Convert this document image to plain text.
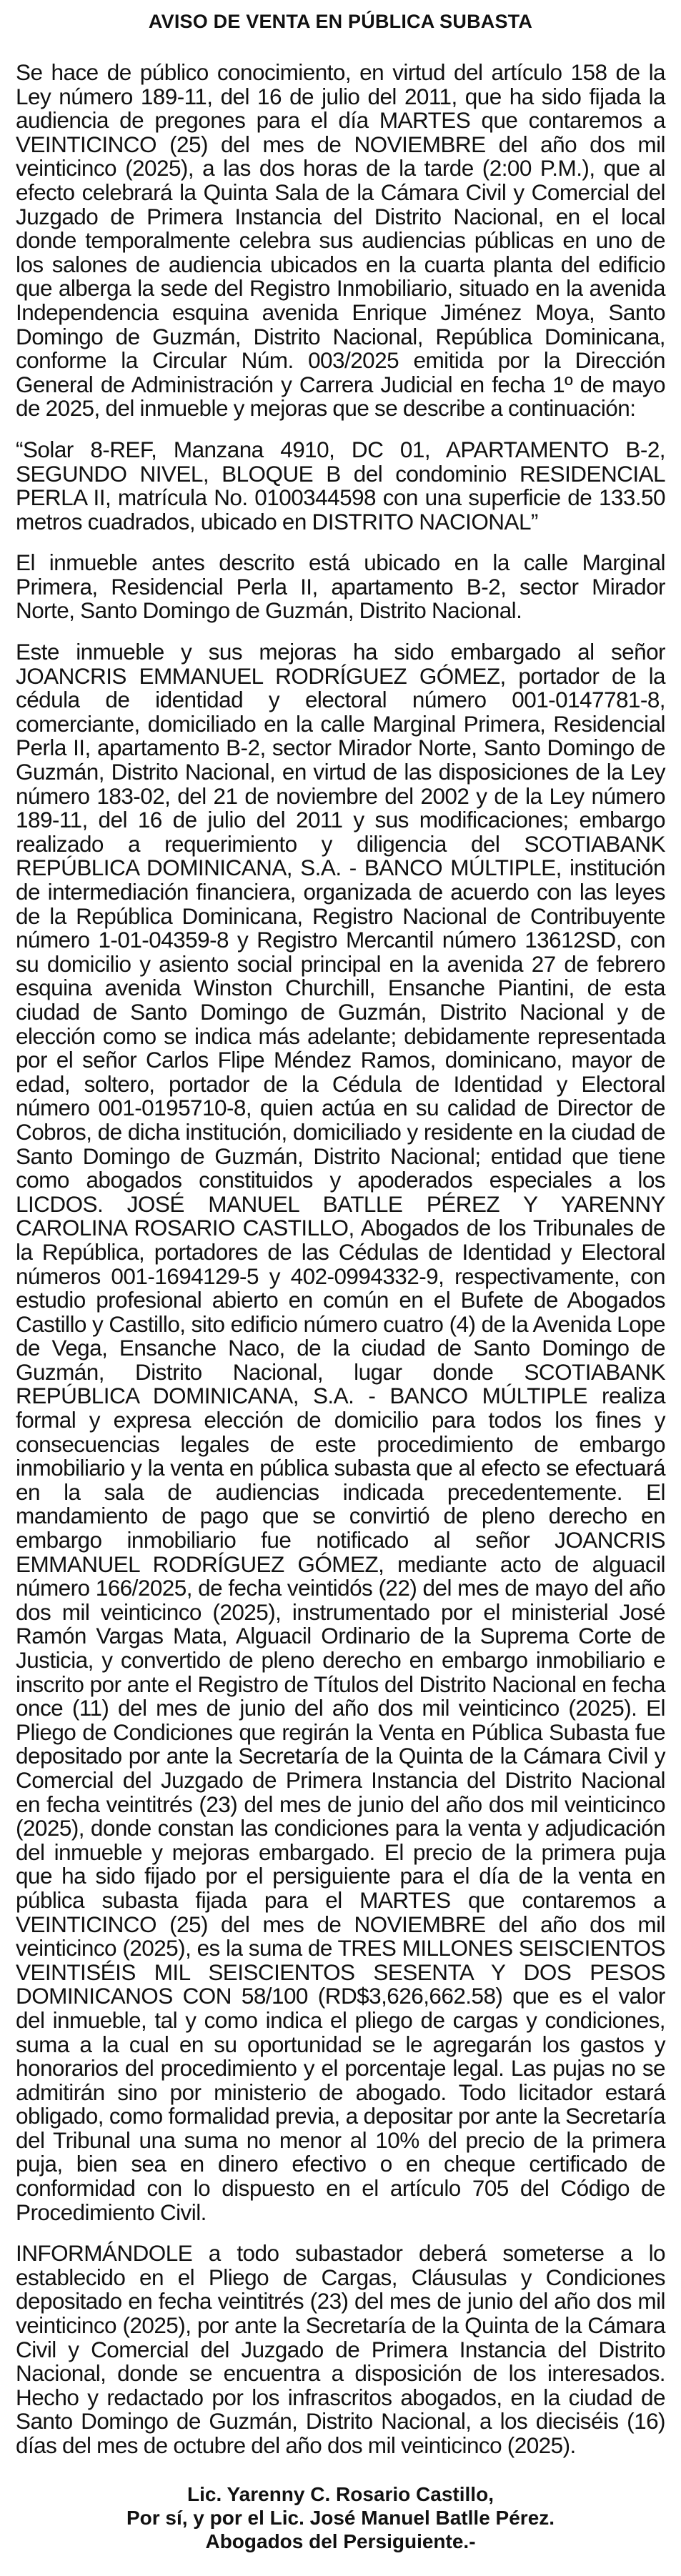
AVISO DE VENTA EN PÚBLICA SUBASTA

Se hace de público conocimiento, en virtud del artículo 158 de la Ley número 189-11, del 16 de julio del 2011, que ha sido fijada la audiencia de pregones para el día MARTES que contaremos a VEINTICINCO (25) del mes de NOVIEMBRE del año dos mil veinticinco (2025), a las dos horas de la tarde (2:00 P.M.), que al efecto celebrará la Quinta Sala de la Cámara Civil y Comercial del Juzgado de Primera Instancia del Distrito Nacional, en el local donde temporalmente celebra sus audiencias públicas en uno de los salones de audiencia ubicados en la cuarta planta del edificio que alberga la sede del Registro Inmobiliario, situado en la avenida Independencia esquina avenida Enrique Jiménez Moya, Santo Domingo de Guzmán, Distrito Nacional, República Dominicana, conforme la Circular Núm. 003/2025 emitida por la Dirección General de Administración y Carrera Judicial en fecha 1º de mayo de 2025, del inmueble y mejoras que se describe a continuación:

“Solar 8-REF, Manzana 4910, DC 01, APARTAMENTO B-2, SEGUNDO NIVEL, BLOQUE B del condominio RESIDENCIAL PERLA II, matrícula No. 0100344598 con una superficie de 133.50 metros cuadrados, ubicado en DISTRITO NACIONAL”

El inmueble antes descrito está ubicado en la calle Marginal Primera, Residencial Perla II, apartamento B-2, sector Mirador Norte, Santo Domingo de Guzmán, Distrito Nacional.

Este inmueble y sus mejoras ha sido embargado al señor JOANCRIS EMMANUEL RODRÍGUEZ GÓMEZ, portador de la cédula de identidad y electoral número 001-0147781-8, comerciante, domiciliado en la calle Marginal Primera, Residencial Perla II, apartamento B-2, sector Mirador Norte, Santo Domingo de Guzmán, Distrito Nacional, en virtud de las disposiciones de la Ley número 183-02, del 21 de noviembre del 2002 y de la Ley número 189-11, del 16 de julio del 2011 y sus modificaciones; embargo realizado a requerimiento y diligencia del SCOTIABANK REPÚBLICA DOMINICANA, S.A. - BANCO MÚLTIPLE, institución de intermediación financiera, organizada de acuerdo con las leyes de la República Dominicana, Registro Nacional de Contribuyente número 1-01-04359-8 y Registro Mercantil número 13612SD, con su domicilio y asiento social principal en la avenida 27 de febrero esquina avenida Winston Churchill, Ensanche Piantini, de esta ciudad de Santo Domingo de Guzmán, Distrito Nacional y de elección como se indica más adelante; debidamente representada por el señor Carlos Flipe Méndez Ramos, dominicano, mayor de edad, soltero, portador de la Cédula de Identidad y Electoral número 001-0195710-8, quien actúa en su calidad de Director de Cobros, de dicha institución, domiciliado y residente en la ciudad de Santo Domingo de Guzmán, Distrito Nacional; entidad que tiene como abogados constituidos y apoderados especiales a los LICDOS. JOSÉ MANUEL BATLLE PÉREZ Y YARENNY CAROLINA ROSARIO CASTILLO, Abogados de los Tribunales de la República, portadores de las Cédulas de Identidad y Electoral números 001-1694129-5 y 402-0994332-9, respectivamente, con estudio profesional abierto en común en el Bufete de Abogados Castillo y Castillo, sito edificio número cuatro (4) de la Avenida Lope de Vega, Ensanche Naco, de la ciudad de Santo Domingo de Guzmán, Distrito Nacional, lugar donde SCOTIABANK REPÚBLICA DOMINICANA, S.A. - BANCO MÚLTIPLE realiza formal y expresa elección de domicilio para todos los fines y consecuencias legales de este procedimiento de embargo inmobiliario y la venta en pública subasta que al efecto se efectuará en la sala de audiencias indicada precedentemente. El mandamiento de pago que se convirtió de pleno derecho en embargo inmobiliario fue notificado al señor JOANCRIS EMMANUEL RODRÍGUEZ GÓMEZ, mediante acto de alguacil número 166/2025, de fecha veintidós (22) del mes de mayo del año dos mil veinticinco (2025), instrumentado por el ministerial José Ramón Vargas Mata, Alguacil Ordinario de la Suprema Corte de Justicia, y convertido de pleno derecho en embargo inmobiliario e inscrito por ante el Registro de Títulos del Distrito Nacional en fecha once (11) del mes de junio del año dos mil veinticinco (2025). El Pliego de Condiciones que regirán la Venta en Pública Subasta fue depositado por ante la Secretaría de la Quinta de la Cámara Civil y Comercial del Juzgado de Primera Instancia del Distrito Nacional en fecha veintitrés (23) del mes de junio del año dos mil veinticinco (2025), donde constan las condiciones para la venta y adjudicación del inmueble y mejoras embargado. El precio de la primera puja que ha sido fijado por el persiguiente para el día de la venta en pública subasta fijada para el MARTES que contaremos a VEINTICINCO (25) del mes de NOVIEMBRE del año dos mil veinticinco (2025), es la suma de TRES MILLONES SEISCIENTOS VEINTISÉIS MIL SEISCIENTOS SESENTA Y DOS PESOS DOMINICANOS CON 58/100 (RD$3,626,662.58) que es el valor del inmueble, tal y como indica el pliego de cargas y condiciones, suma a la cual en su oportunidad se le agregarán los gastos y honorarios del procedimiento y el porcentaje legal. Las pujas no se admitirán sino por ministerio de abogado. Todo licitador estará obligado, como formalidad previa, a depositar por ante la Secretaría del Tribunal una suma no menor al 10% del precio de la primera puja, bien sea en dinero efectivo o en cheque certificado de conformidad con lo dispuesto en el artículo 705 del Código de Procedimiento Civil.

INFORMÁNDOLE a todo subastador deberá someterse a lo establecido en el Pliego de Cargas, Cláusulas y Condiciones depositado en fecha veintitrés (23) del mes de junio del año dos mil veinticinco (2025), por ante la Secretaría de la Quinta de la Cámara Civil y Comercial del Juzgado de Primera Instancia del Distrito Nacional, donde se encuentra a disposición de los interesados. Hecho y redactado por los infrascritos abogados, en la ciudad de Santo Domingo de Guzmán, Distrito Nacional, a los dieciséis (16) días del mes de octubre del año dos mil veinticinco (2025).

Lic. Yarenny C. Rosario Castillo,
Por sí, y por el Lic. José Manuel Batlle Pérez.
Abogados del Persiguiente.-
